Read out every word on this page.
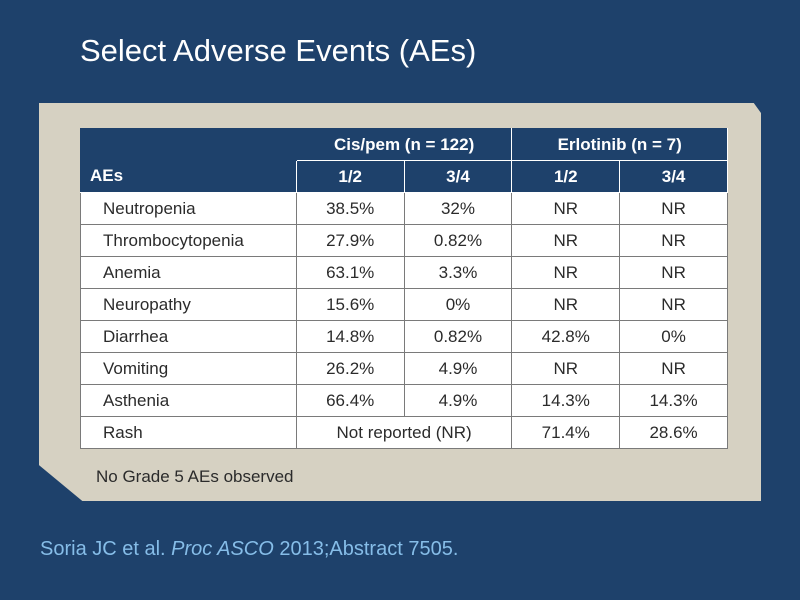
Select Adverse Events (AEs)
	Cis/pem (n = 122)		Erlotinib (n = 7)	
AEs	1/2	3/4	1/2	3/4
Neutropenia	38.5%	32%	NR	NR
Thrombocytopenia	27.9%	0.82%	NR	NR
Anemia	63.1%	3.3%	NR	NR
Neuropathy	15.6%	0%	NR	NR
Diarrhea	14.8%	0.82%	42.8%	0%
Vomiting	26.2%	4.9%	NR	NR
Asthenia	66.4%	4.9%	14.3%	14.3%
Rash	Not reported (NR)		71.4%	28.6%
No Grade 5 AEs observed
Soria JC et al. Proc ASCO 2013;Abstract 7505.
